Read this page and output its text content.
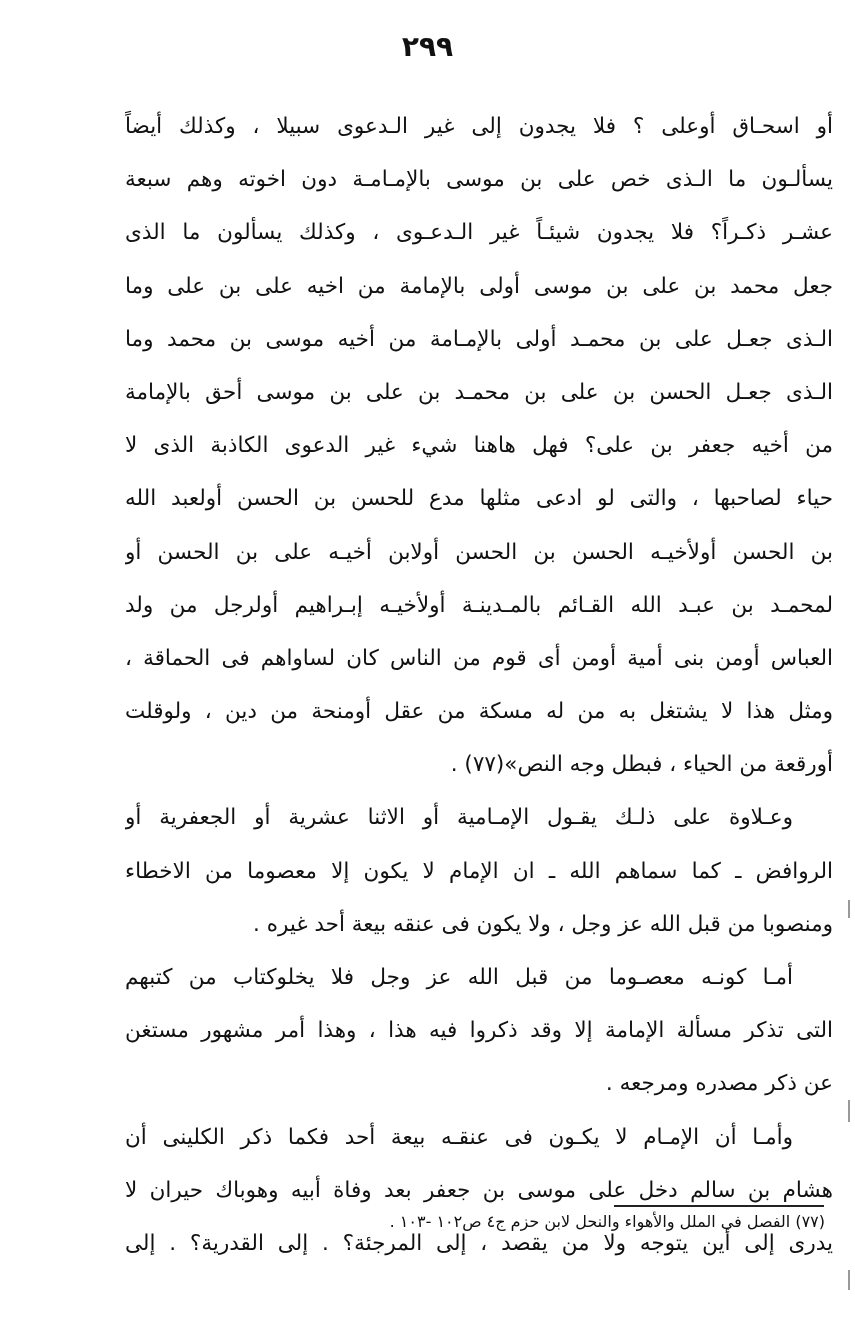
٢٩٩
أو اسحـاق أوعلى ؟ فلا يجدون إلى غير الـدعوى سبيلا ، وكذلك أيضاً
يسألـون ما الـذى خص على بن موسى بالإمـامـة دون اخوته وهم سبعة
عشـر ذكـراً؟ فلا يجدون شيئـاً غير الـدعـوى ، وكذلك يسألون ما الذى
جعل محمد بن على بن موسى أولى بالإمامة من اخيه على بن على وما
الـذى جعـل على بن محمـد أولى بالإمـامة من أخيه موسى بن محمد وما
الـذى جعـل الحسن بن على بن محمـد بن على بن موسى أحق بالإمامة
من أخيه جعفر بن على؟ فهل هاهنا شيء غير الدعوى الكاذبة الذى لا
حياء لصاحبها ، والتى لو ادعى مثلها مدع للحسن بن الحسن أولعبد الله
بن الحسن أولأخيـه الحسن بن الحسن أولابن أخيـه على بن الحسن أو
لمحمـد بن عبـد الله القـائم بالمـدينـة أولأخيـه إبـراهيم أولرجل من ولد
العباس أومن بنى أمية أومن أى قوم من الناس كان لساواهم فى الحماقة ،
ومثل هذا لا يشتغل به من له مسكة من عقل أومنحة من دين ، ولوقلت
أورقعة من الحياء ، فبطل وجه النص»(٧٧) .
وعـلاوة على ذلـك يقـول الإمـامية أو الاثنا عشرية أو الجعفرية أو
الروافض ـ كما سماهم الله ـ ان الإمام لا يكون إلا معصوما من الاخطاء
ومنصوبا من قبل الله عز وجل ، ولا يكون فى عنقه بيعة أحد غيره .
أمـا كونـه معصـوما من قبل الله عز وجل فلا يخلوكتاب من كتبهم
التى تذكر مسألة الإمامة إلا وقد ذكروا فيه هذا ، وهذا أمر مشهور مستغن
عن ذكر مصدره ومرجعه .
وأمـا أن الإمـام لا يكـون فى عنقـه بيعة أحد فكما ذكر الكلينى أن
هشام بن سالم دخل على موسى بن جعفر بعد وفاة أبيه وهوباك حيران لا
يدرى إلى أين يتوجه ولا من يقصد ، إلى المرجئة؟ . إلى القدرية؟ . إلى
(٧٧) الفصل فى الملل والأهواء والنحل لابن حزم ج٤ ص١٠٢ -١٠٣ .
